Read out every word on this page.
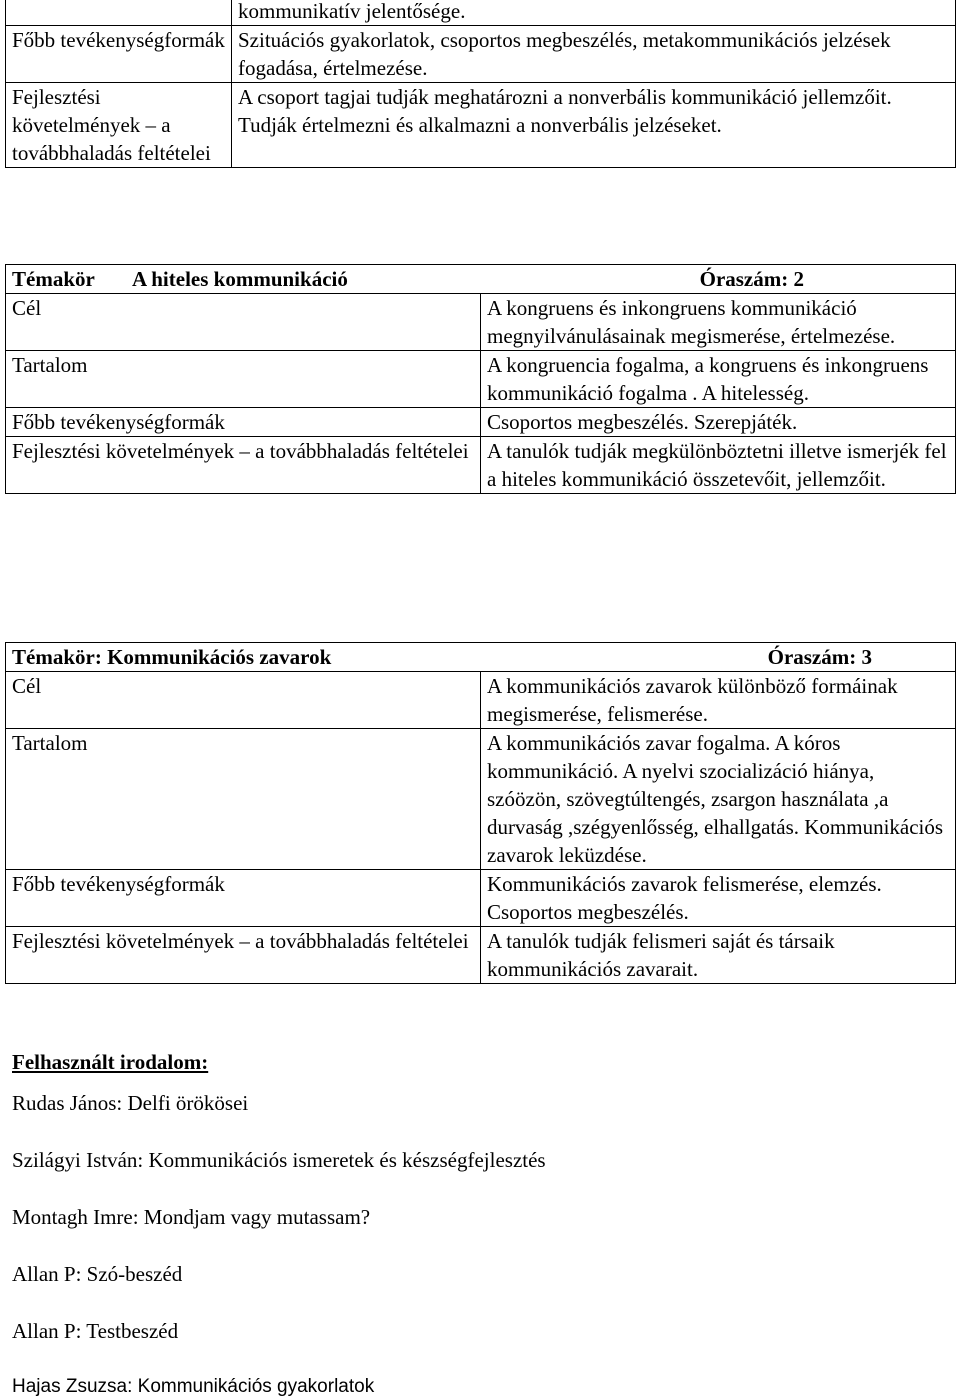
	kommunikatív jelentősége.
Főbb tevékenységformák	Szituációs gyakorlatok, csoportos megbeszélés, metakommunikációs jelzések fogadása, értelmezése.
Fejlesztési követelmények – a továbbhaladás feltételei	A csoport tagjai tudják meghatározni a nonverbális kommunikáció jellemzőit. Tudják értelmezni és alkalmazni a nonverbális jelzéseket.
Témakör A hiteles kommunikáció Óraszám: 2	

Cél	A kongruens és inkongruens kommunikáció megnyilvánulásainak megismerése, értelmezése.
Tartalom	A kongruencia fogalma, a kongruens és inkongruens kommunikáció fogalma . A hitelesség.
Főbb tevékenységformák	Csoportos megbeszélés. Szerepjáték.
Fejlesztési követelmények – a továbbhaladás feltételei	A tanulók tudják megkülönböztetni illetve ismerjék fel a hiteles kommunikáció összetevőit, jellemzőit.
Témakör: Kommunikációs zavarok Óraszám: 3	

Cél	A kommunikációs zavarok különböző formáinak megismerése, felismerése.
Tartalom	A kommunikációs zavar fogalma. A kóros kommunikáció. A nyelvi szocializáció hiánya, szóözön, szövegtúltengés, zsargon használata ,a durvaság ,szégyenlősség, elhallgatás. Kommunikációs zavarok leküzdése.
Főbb tevékenységformák	Kommunikációs zavarok felismerése, elemzés. Csoportos megbeszélés.
Fejlesztési követelmények – a továbbhaladás feltételei	A tanulók tudják felismeri saját és társaik kommunikációs zavarait.

Felhasznált irodalom:

Rudas János: Delfi örökösei

Szilágyi István: Kommunikációs ismeretek és készségfejlesztés

Montagh Imre: Mondjam vagy mutassam?

Allan P: Szó-beszéd

Allan P: Testbeszéd

Hajas Zsuzsa: Kommunikációs gyakorlatok
